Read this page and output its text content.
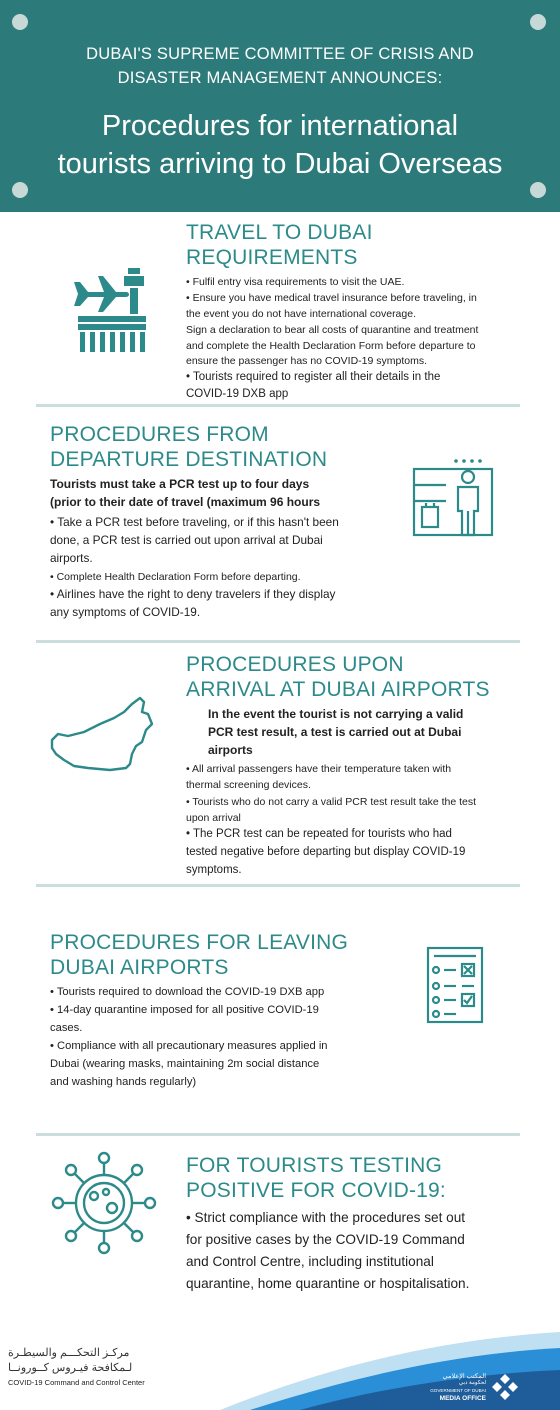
DUBAI'S SUPREME COMMITTEE OF CRISIS AND
DISASTER MANAGEMENT ANNOUNCES:
Procedures for international
tourists arriving to Dubai Overseas
TRAVEL TO DUBAI
REQUIREMENTS
• Fulfil entry visa requirements to visit the UAE.
• Ensure you have medical travel insurance before traveling, in
the event you do not have international coverage.
Sign a declaration to bear all costs of quarantine and treatment
and complete the Health Declaration Form before departure to
ensure the passenger has no COVID-19 symptoms.
• Tourists required to register all their details in the
COVID-19 DXB app
PROCEDURES FROM
DEPARTURE DESTINATION
Tourists must take a PCR test up to four days
(prior to their date of travel (maximum 96 hours
• Take a PCR test before traveling, or if this hasn't been
done, a PCR test is carried out upon arrival at Dubai
airports.
• Complete Health Declaration Form before departing.
• Airlines have the right to deny travelers if they display
any symptoms of COVID-19.
PROCEDURES UPON
ARRIVAL AT DUBAI AIRPORTS
In the event the tourist is not carrying a valid
PCR test result, a test is carried out at Dubai
airports
• All arrival passengers have their temperature taken with
thermal screening devices.
• Tourists who do not carry a valid PCR test result take the test
upon arrival
• The PCR test can be repeated for tourists who had
tested negative before departing but display COVID-19
symptoms.
PROCEDURES FOR LEAVING
DUBAI AIRPORTS
• Tourists required to download the COVID-19 DXB app
• 14-day quarantine imposed for all positive COVID-19
cases.
• Compliance with all precautionary measures applied in
Dubai (wearing masks, maintaining 2m social distance
and washing hands regularly)
FOR TOURISTS TESTING
POSITIVE FOR COVID-19:
• Strict compliance with the procedures set out
for positive cases by the COVID-19 Command
and Control Centre, including institutional
quarantine, home quarantine or hospitalisation.
مركـز التحكـــم والسيطـرة
لـمكافحة فيـروس كــورونــا
COVID-19 Command and Control Center
المكتب الإعلامي
لحكومة دبي
GOVERNMENT OF DUBAI
MEDIA OFFICE
